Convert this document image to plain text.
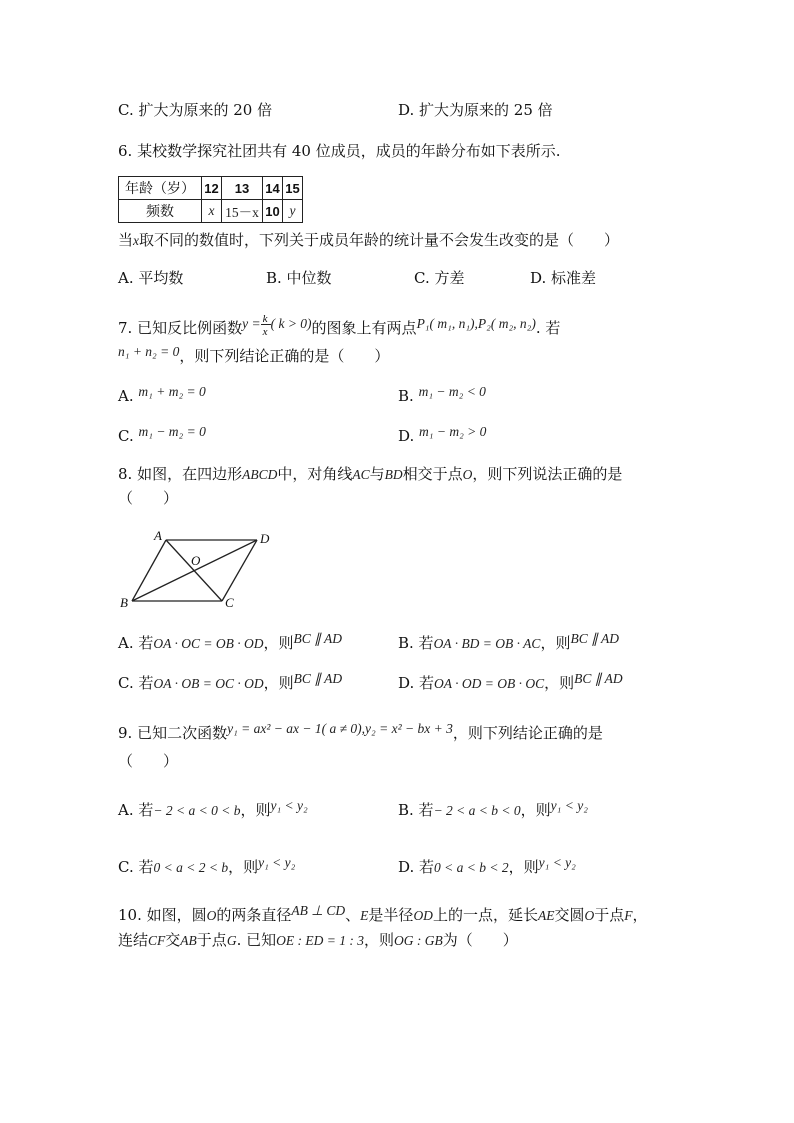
C. 扩大为原来的 20 倍	D. 扩大为原来的 25 倍
6. 某校数学探究社团共有 40 位成员，成员的年龄分布如下表所示.
年龄（岁）	12	13	14	15
频数	x	15－x	10	y
当x取不同的数值时，下列关于成员年龄的统计量不会发生改变的是（　　）
A. 平均数	B. 中位数	C. 方差	D. 标准差
7. 已知反比例函数y = k
x
( k > 0)的图象上有两点P₁( m₁, n₁),P₂( m₂, n₂). 若
n₁ + n₂ = 0，则下列结论正确的是（　　）
A. m₁ + m₂ = 0	B. m₁ − m₂ < 0
C. m₁ − m₂ = 0	D. m₁ − m₂ > 0
8. 如图，在四边形ABCD中，对角线AC与BD相交于点O，则下列说法正确的是
（　　）
A	D
B	C
O
A. 若OA · OC = OB · OD，则BC ∥ AD	B. 若OA · BD = OB · AC，则BC ∥ AD
C. 若OA · OB = OC · OD，则BC ∥ AD	D. 若OA · OD = OB · OC，则BC ∥ AD
9. 已知二次函数y₁ = ax² − ax − 1( a ≠ 0),y₂ = x² − bx + 3，则下列结论正确的是
（　　）
A. 若− 2 < a < 0 < b，则y₁ < y₂	B. 若− 2 < a < b < 0，则y₁ < y₂
C. 若0 < a < 2 < b，则y₁ < y₂	D. 若0 < a < b < 2，则y₁ < y₂
10. 如图，圆O的两条直径AB ⊥ CD、E是半径OD上的一点，延长AE交圆O于点F，
连结CF交AB于点G. 已知OE : ED = 1 : 3，则OG : GB为（　　）
